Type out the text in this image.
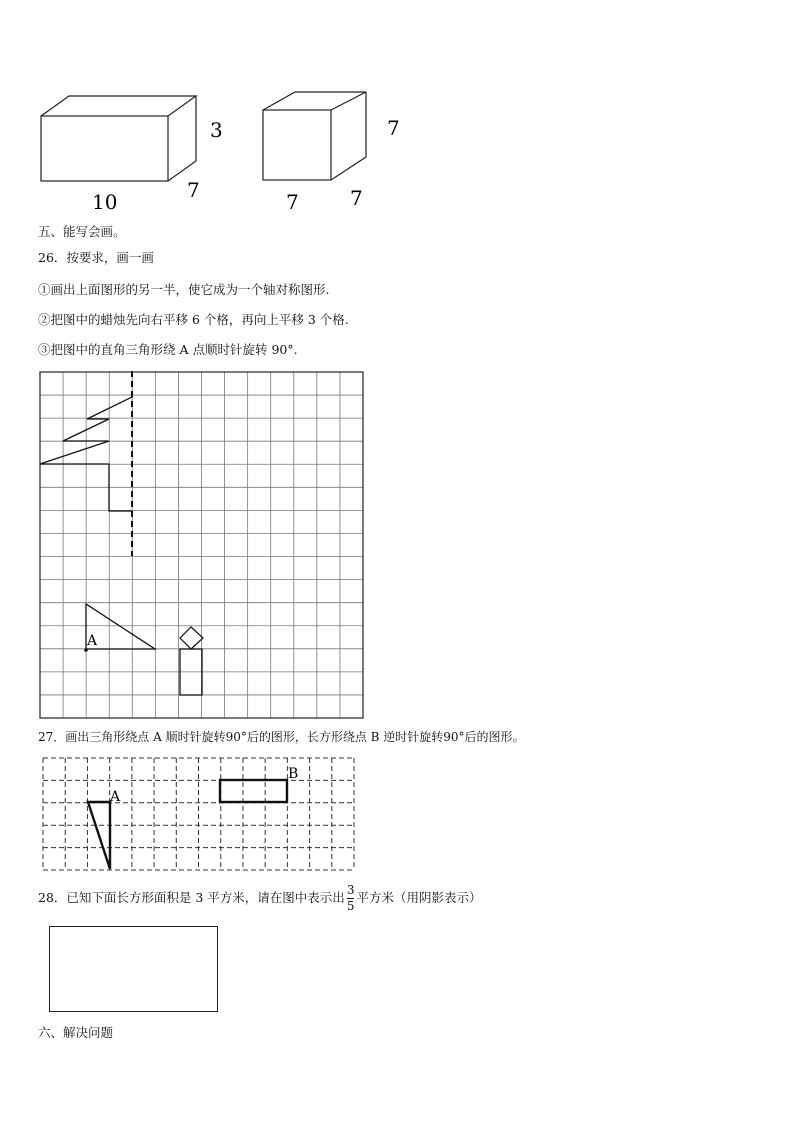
3
10	7
7
7	7
五、能写会画。
26．按要求，画一画
①画出上面图形的另一半，使它成为一个轴对称图形.
②把图中的蜡烛先向右平移 6 个格，再向上平移 3 个格.
③把图中的直角三角形绕 A 点顺时针旋转 90°.
A
27．画出三角形绕点 A 顺时针旋转90°后的图形，长方形绕点 B 逆时针旋转90°后的图形。
A
B
28．已知下面长方形面积是 3 平方米，请在图中表示出 $\frac{3}{5}$ 平方米（用阴影表示）
六、解决问题
